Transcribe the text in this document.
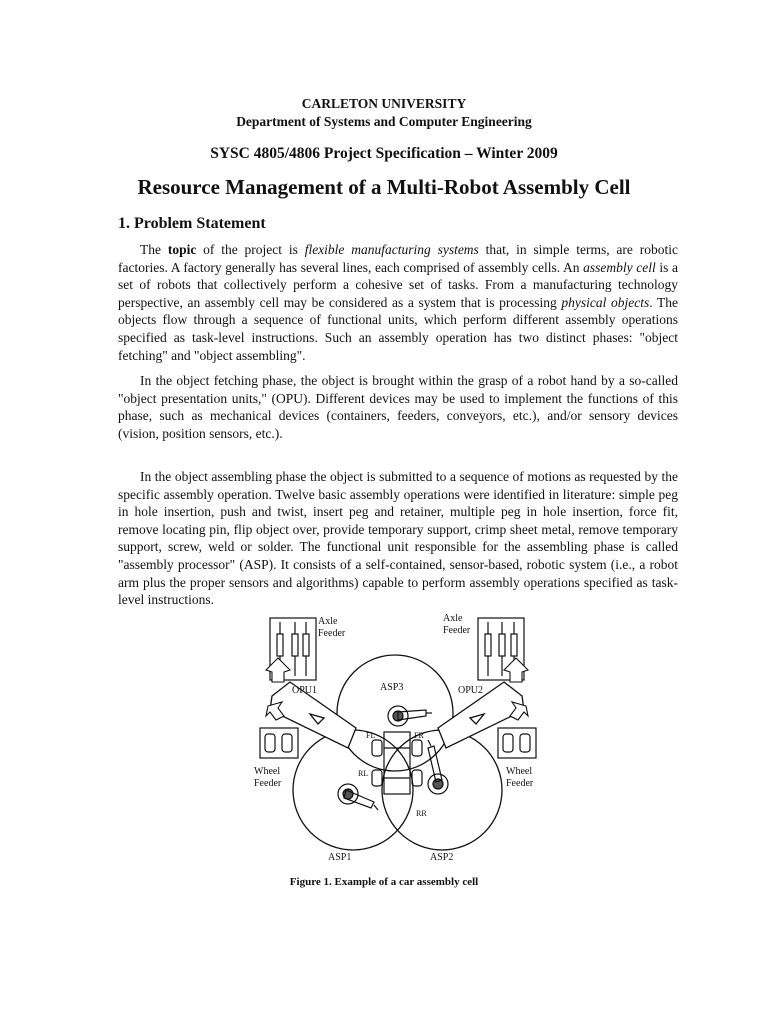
CARLETON UNIVERSITY
Department of Systems and Computer Engineering
SYSC 4805/4806 Project Specification – Winter 2009
Resource Management of a Multi-Robot Assembly Cell
1. Problem Statement

The topic of the project is flexible manufacturing systems that, in simple terms, are robotic factories. A factory generally has several lines, each comprised of assembly cells. An assembly cell is a set of robots that collectively perform a cohesive set of tasks. From a manufacturing technology perspective, an assembly cell may be considered as a system that is processing physical objects. The objects flow through a sequence of functional units, which perform different assembly operations specified as task-level instructions. Such an assembly operation has two distinct phases: "object fetching" and "object assembling".

In the object fetching phase, the object is brought within the grasp of a robot hand by a so-called "object presentation units," (OPU). Different devices may be used to implement the functions of this phase, such as mechanical devices (containers, feeders, conveyors, etc.), and/or sensory devices (vision, position sensors, etc.).

In the object assembling phase the object is submitted to a sequence of motions as requested by the specific assembly operation. Twelve basic assembly operations were identified in literature: simple peg in hole insertion, push and twist, insert peg and retainer, multiple peg in hole insertion, force fit, remove locating pin, flip object over, provide temporary support, crimp sheet metal, remove temporary support, screw, weld or solder. The functional unit responsible for the assembling phase is called "assembly processor" (ASP). It consists of a self-contained, sensor-based, robotic system (i.e., a robot arm plus the proper sensors and algorithms) capable to perform assembly operations specified as task-level instructions.

Axle
Feeder
Axle
Feeder
OPU1	OPU2
ASP3
Wheel
Feeder
Wheel
Feeder
FL	FR
RL
RR
ASP1	ASP2
Figure 1. Example of a car assembly cell
